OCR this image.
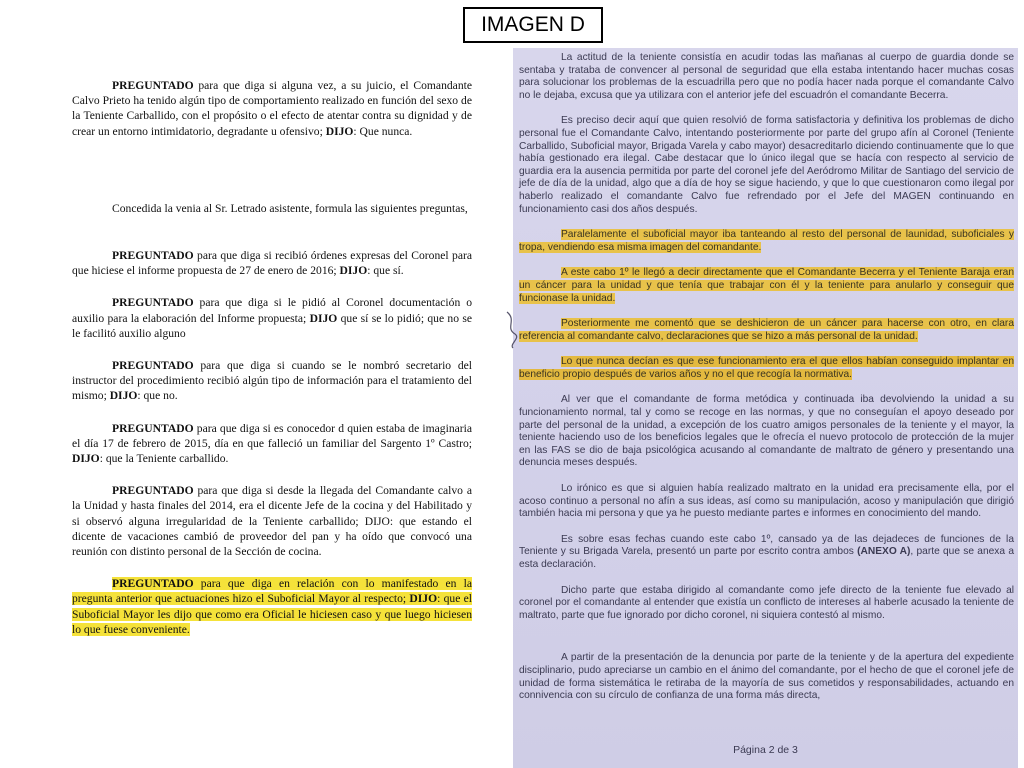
IMAGEN D

PREGUNTADO para que diga si alguna vez, a su juicio, el Comandante Calvo Prieto ha tenido algún tipo de comportamiento realizado en función del sexo de la Teniente Carballido, con el propósito o el efecto de atentar contra su dignidad y de crear un entorno intimidatorio, degradante u ofensivo; DIJO: Que nunca.

Concedida la venia al Sr. Letrado asistente, formula las siguientes preguntas,

PREGUNTADO para que diga si recibió órdenes expresas del Coronel para que hiciese el informe propuesta de 27 de enero de 2016; DIJO: que sí.

PREGUNTADO para que diga si le pidió al Coronel documentación o auxilio para la elaboración del Informe propuesta; DIJO que sí se lo pidió; que no se le facilitó auxilio alguno

PREGUNTADO para que diga si cuando se le nombró secretario del instructor del procedimiento recibió algún tipo de información para el tratamiento del mismo; DIJO: que no.

PREGUNTADO para que diga si es conocedor d quien estaba de imaginaria el día 17 de febrero de 2015, día en que falleció un familiar del Sargento 1º Castro; DIJO: que la Teniente carballido.

PREGUNTADO para que diga si desde la llegada del Comandante calvo a la Unidad y hasta finales del 2014, era el dicente Jefe de la cocina y del Habilitado y si observó alguna irregularidad de la Teniente carballido; DIJO: que estando el dicente de vacaciones cambió de proveedor del pan y ha oído que convocó una reunión con distinto personal de la Sección de cocina.

PREGUNTADO para que diga en relación con lo manifestado en la pregunta anterior que actuaciones hizo el Suboficial Mayor al respecto; DIJO: que el Suboficial Mayor les dijo que como era Oficial le hiciesen caso y que luego hiciesen lo que fuese conveniente.

La actitud de la teniente consistía en acudir todas las mañanas al cuerpo de guardia donde se sentaba y trataba de convencer al personal de seguridad que ella estaba intentando hacer muchas cosas para solucionar los problemas de la escuadrilla pero que no podía hacer nada porque el comandante Calvo no le dejaba, excusa que ya utilizara con el anterior jefe del escuadrón el comandante Becerra.

Es preciso decir aquí que quien resolvió de forma satisfactoria y definitiva los problemas de dicho personal fue el Comandante Calvo, intentando posteriormente por parte del grupo afín al Coronel (Teniente Carballido, Suboficial mayor, Brigada Varela y cabo mayor) desacreditarlo diciendo continuamente que lo que había gestionado era ilegal. Cabe destacar que lo único ilegal que se hacía con respecto al servicio de guardia era la ausencia permitida por parte del coronel jefe del Aeródromo Militar de Santiago del servicio de jefe de día de la unidad, algo que a día de hoy se sigue haciendo, y que lo que cuestionaron como ilegal por haberlo realizado el comandante Calvo fue refrendado por el Jefe del MAGEN continuando en funcionamiento casi dos años después.

Paralelamente el suboficial mayor iba tanteando al resto del personal de launidad, suboficiales y tropa, vendiendo esa misma imagen del comandante.

A este cabo 1º le llegó a decir directamente que el Comandante Becerra y el Teniente Baraja eran un cáncer para la unidad y que tenía que trabajar con él y la teniente para anularlo y conseguir que funcionase la unidad.

Posteriormente me comentó que se deshicieron de un cáncer para hacerse con otro, en clara referencia al comandante calvo, declaraciones que se hizo a más personal de la unidad.

Lo que nunca decían es que ese funcionamiento era el que ellos habían conseguido implantar en beneficio propio después de varios años y no el que recogía la normativa.

Al ver que el comandante de forma metódica y continuada iba devolviendo la unidad a su funcionamiento normal, tal y como se recoge en las normas, y que no conseguían el apoyo deseado por parte del personal de la unidad, a excepción de los cuatro amigos personales de la teniente y el mayor, la teniente haciendo uso de los beneficios legales que le ofrecía el nuevo protocolo de protección de la mujer en las FAS se dio de baja psicológica acusando al comandante de maltrato de género y presentando una denuncia meses después.

Lo irónico es que si alguien había realizado maltrato en la unidad era precisamente ella, por el acoso continuo a personal no afín a sus ideas, así como su manipulación, acoso y manipulación que dirigió también hacia mi persona y que ya he puesto mediante partes e informes en conocimiento del mando.

Es sobre esas fechas cuando este cabo 1º, cansado ya de las dejadeces de funciones de la Teniente y su Brigada Varela, presentó un parte por escrito contra ambos (ANEXO A), parte que se anexa a esta declaración.

Dicho parte que estaba dirigido al comandante como jefe directo de la teniente fue elevado al coronel por el comandante al entender que existía un conflicto de intereses al haberle acusado la teniente de maltrato, parte que fue ignorado por dicho coronel, ni siquiera contestó al mismo.

A partir de la presentación de la denuncia por parte de la teniente y de la apertura del expediente disciplinario, pudo apreciarse un cambio en el ánimo del comandante, por el hecho de que el coronel jefe de unidad de forma sistemática le retiraba de la mayoría de sus cometidos y responsabilidades, actuando en connivencia con su círculo de confianza de una forma más directa,

Página 2 de 3
